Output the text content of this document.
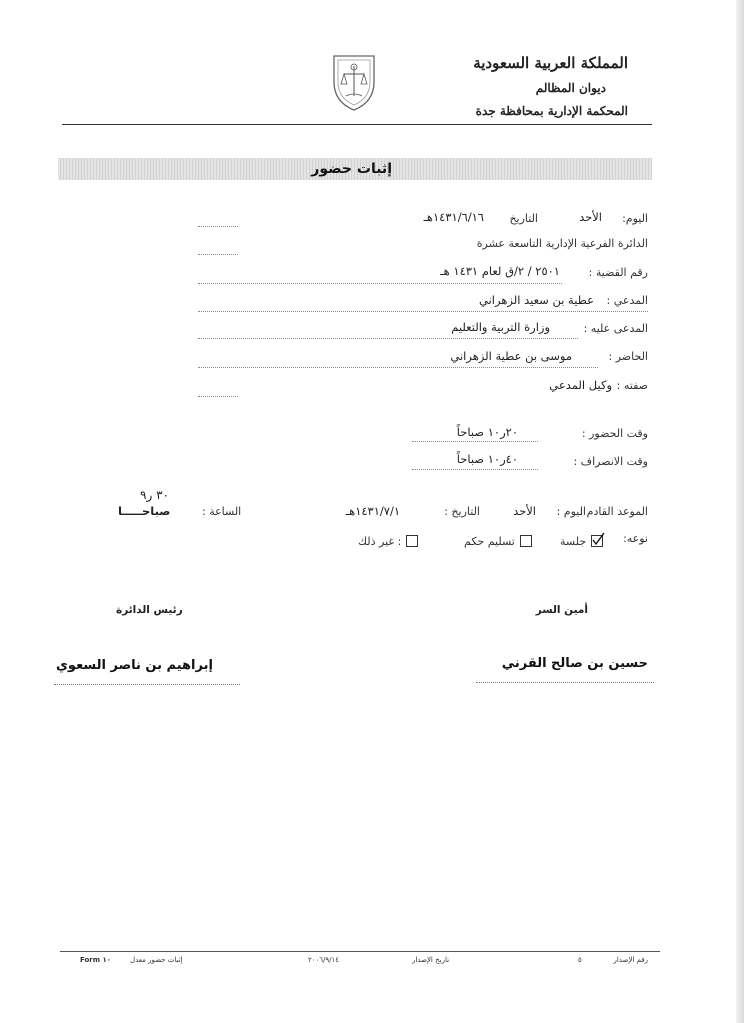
المملكة العربية السعودية
ديوان المظالم
المحكمة الإدارية بمحافظة جدة
إثبات حضور
اليوم:
الأحد
التاريخ
١٤٣١/٦/١٦هـ
الدائرة الفرعية الإدارية التاسعة عشرة
رقم القضية :
٢٥٠١ / ٢/ق لعام ١٤٣١ هـ
المدعي :
عطية بن سعيد الزهراني
المدعى عليه :
وزارة التربية والتعليم
الحاضر :
موسى بن عطية الزهراني
صفته :
وكيل المدعي
وقت الحضور :
٢٠ر١٠ صباحاً
وقت الانصراف :
٤٠ر١٠ صباحاً
٣٠ ر٩
الموعد القادم :
اليوم :
الأحد
التاريخ :
١٤٣١/٧/١هـ
الساعة :
صباحـــــا
نوعه:
جلسة
تسليم حكم
غير ذلك :
أمين السر
رئيس الدائرة
حسين بن صالح القرني
إبراهيم بن ناصر السعوي
رقم الإصدار
٥
تاريخ الإصدار
٢٠٠٦/٩/١٤
إثبات حضور معدل
Form ١٠
